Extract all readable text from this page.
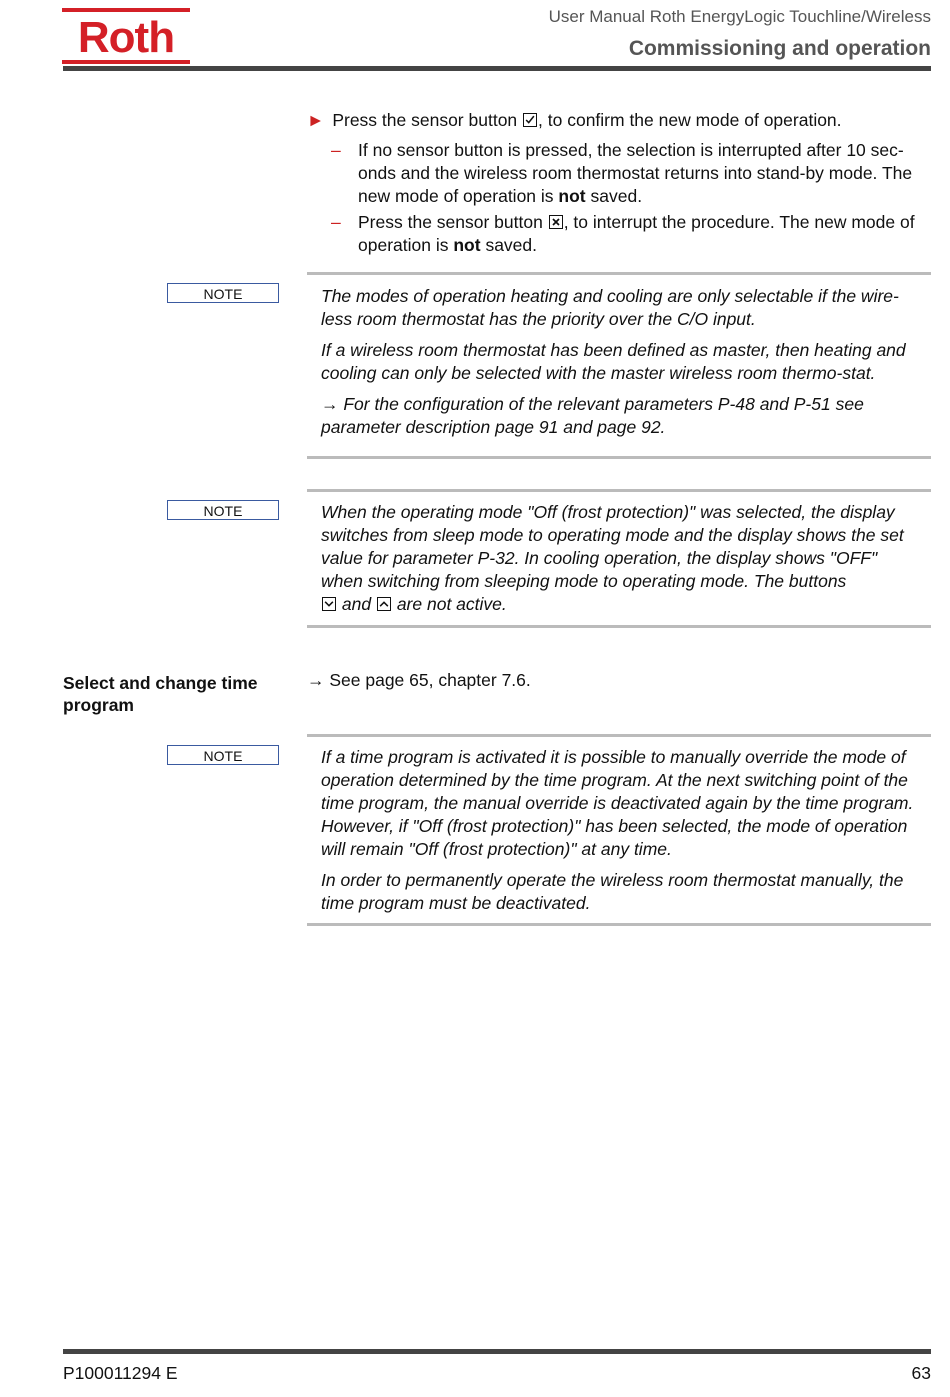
Roth	User Manual Roth EnergyLogic Touchline/Wireless
Commissioning and operation
► Press the sensor button , to confirm the new mode of operation.
– If no sensor button is pressed, the selection is interrupted after 10 sec-onds and the wireless room thermostat returns into stand-by mode. The new mode of operation is not saved.
– Press the sensor button , to interrupt the procedure. The new mode of operation is not saved.
NOTE	The modes of operation heating and cooling are only selectable if the wire-less room thermostat has the priority over the C/O input.

If a wireless room thermostat has been defined as master, then heating and cooling can only be selected with the master wireless room thermo-stat.

→ For the configuration of the relevant parameters P-48 and P-51 see parameter description page 91 and page 92.

NOTE	When the operating mode "Off (frost protection)" was selected, the display switches from sleep mode to operating mode and the display shows the set value for parameter P-32. In cooling operation, the display shows "OFF" when switching from sleeping mode to operating mode. The buttons

and are not active.

Select and change time program
→ See page 65, chapter 7.6.
NOTE	If a time program is activated it is possible to manually override the mode of operation determined by the time program. At the next switching point of the time program, the manual override is deactivated again by the time program. However, if "Off (frost protection)" has been selected, the mode of operation will remain "Off (frost protection)" at any time.

In order to permanently operate the wireless room thermostat manually, the time program must be deactivated.

P100011294 E	63
